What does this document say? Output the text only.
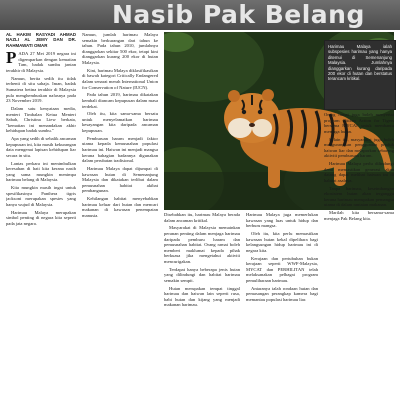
Nasib Pak Belang
AL HAKIM RASYADI AHMAD NAZLI AL JEMY DAN DR. RAHMAWATI OMAR
P ADA 27 Mei 2019 negara ini digemparkan dengan kematian Tam, badak sumbu jantan terakhir di Malaysia.

Namun, berita sedih itu tidak terhenti di situ sahaja. Iman, badak Sumatera betina terakhir di Malaysia pula menghembuskan nafasnya pada 23 November 2019.

Dalam satu kenyataan media, menteri Timbalan Ketua Menteri Sabah, Christina Liew berkata, "kematian ini menandakan akhir kehidupan badak sumbu."

Apa yang sedih di sebalik ancaman kepupusan ini, kita masih kekurangan data mengenai lapisan kehidupan liar secara in situ.

Lantas perkara ini menimbulkan keresahan di hati kita kerana nasib yang sama mungkin menimpa harimau belang di Malaysia.

Kita mungkin masih ingat untuk spesifikasinya Panthera tigris jacksoni merupakan spesies yang hanya wujud di Malaysia.

Harimau Malaya merupakan simbol penting di negara kita seperti pada jata negara.

Namun, jumlah harimau Malaya semakin berkurangan dari tahun ke tahun. Pada tahun 2010, jumlahnya dianggarkan sekitar 500 ekor, tetapi kini dianggarkan kurang 200 ekor di hutan Malaysia.

Kini, harimau Malaya diklasifikasikan di bawah kategori Critically Endangered dalam senarai merah International Union for Conservation of Nature (IUCN).

Pada tahun 2019, harimau dikatakan kembali diancam kepupusan dalam masa terdekat.

Oleh itu, kita sama-sama bersatu untuk menyelamatkan harimau kesayangan kita daripada ancaman kepupusan.

Pemburuan haram menjadi faktor utama kepada kemusnahan populasi harimau ini. Haiwan ini menjadi mangsa kerana bahagian badannya digunakan dalam perubatan tradisional.

Harimau Malaya dapat dijumpai di kawasan hutan di Semenanjung Malaysia dan dikatakan terlibat dalam pemusnahan habitat akibat pembangunan.

Kehilangan habitat menyebabkan harimau keluar dari hutan dan mencari makanan di kawasan penempatan manusia.

Harimau Malaya ialah subspesies harimau yang hanya ditemui di Semenanjung Malaysia. Jumlahnya dianggarkan kurang daripada 200 ekor di hutan dan berstatus terancam kritikal.

Disebabkan itu, harimau Malaya berada dalam ancaman kritikal.

Masyarakat di Malaysia memainkan peranan penting dalam menjaga harimau daripada pemburu haram dan pemusnahan habitat. Orang ramai boleh memberi maklumat kepada pihak berkuasa jika mengetahui aktiviti mencurigakan.

Terdapat hanya beberapa jenis hutan yang dilindungi dan habitat harimau semakin sempit.

Hutan merupakan tempat tinggal harimau dan haiwan lain seperti rusa, babi hutan dan kijang yang menjadi makanan harimau.

Harimau Malaya juga memerlukan kawasan yang luas untuk hidup dan berburu mangsa.

Oleh itu, kita perlu memastikan kawasan hutan kekal dipelihara bagi kelangsungan hidup harimau ini di negara kita.

Kerajaan dan pertubuhan bukan kerajaan seperti WWF-Malaysia, MYCAT dan PERHILITAN telah melaksanakan pelbagai program pemuliharaan harimau.

Antaranya ialah rondaan hutan dan pemasangan perangkap kamera bagi memantau populasi harimau liar.

Orang ramai juga boleh menyertai program Citizen Action for Tigers bersama MYCAT untuk membantu menjaga hutan.

Selain itu, masyarakat juga boleh mengurangkan penggunaan produk haiwan liar dan melaporkan sebarang aktiviti pemburuan haram.

Harimau Malaya perlu dilindungi demi memastikan generasi akan datang dapat melihat haiwan ini di habitat asalnya.

Tanpa harimau, keseimbangan ekosistem hutan akan terganggu kerana harimau merupakan pemangsa utama di dalam rantaian makanan.

Marilah kita bersama-sama menjaga Pak Belang kita.
